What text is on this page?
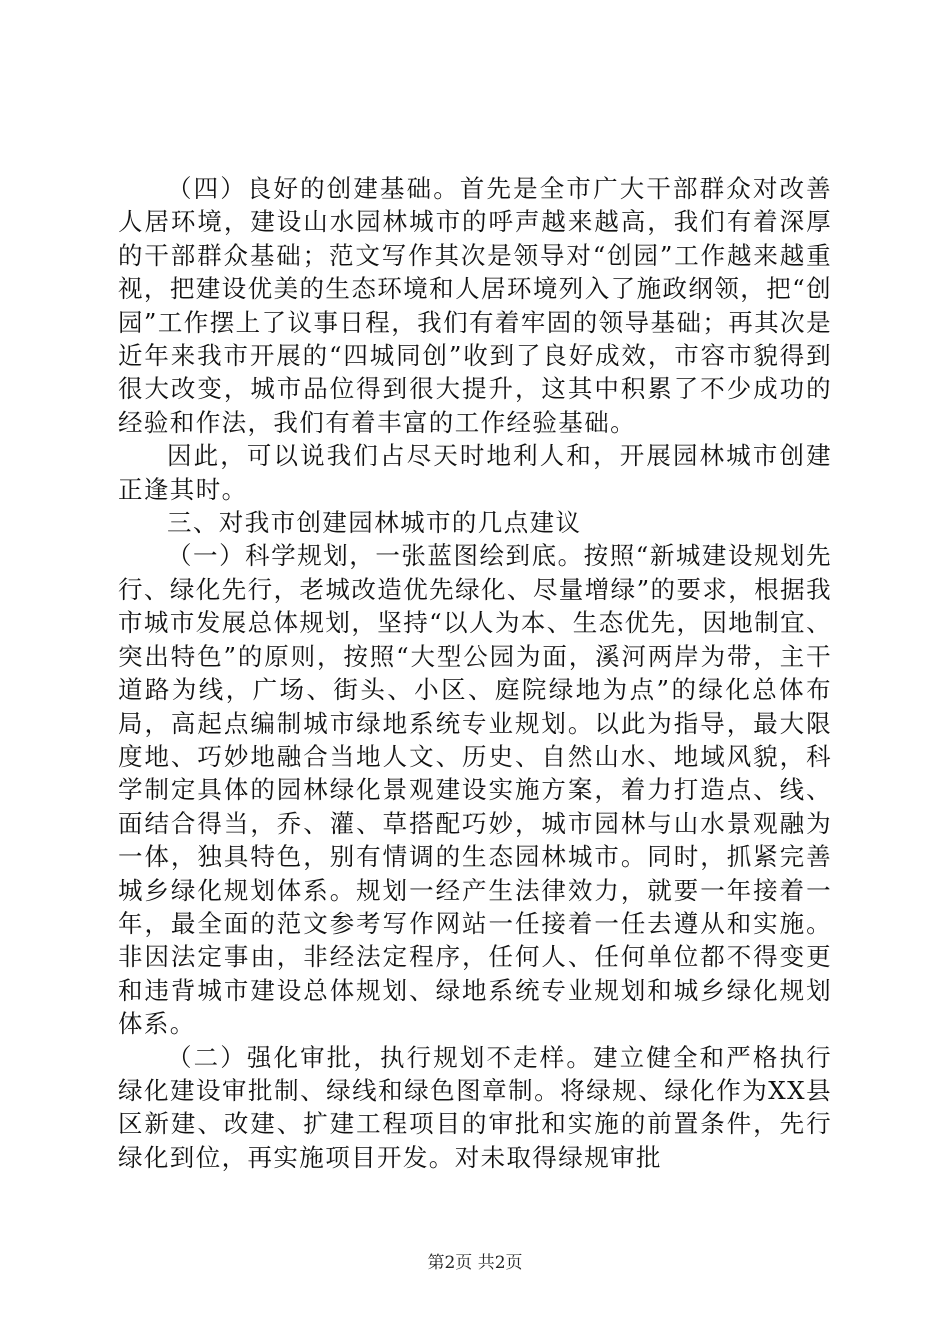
（四）良好的创建基础。首先是全市广大干部群众对改善人居环境，建设山水园林城市的呼声越来越高，我们有着深厚的干部群众基础；范文写作其次是领导对“创园”工作越来越重视，把建设优美的生态环境和人居环境列入了施政纲领，把“创园”工作摆上了议事日程，我们有着牢固的领导基础；再其次是近年来我市开展的“四城同创”收到了良好成效，市容市貌得到很大改变，城市品位得到很大提升，这其中积累了不少成功的经验和作法，我们有着丰富的工作经验基础。

因此，可以说我们占尽天时地利人和，开展园林城市创建正逢其时。

三、对我市创建园林城市的几点建议

（一）科学规划，一张蓝图绘到底。按照“新城建设规划先行、绿化先行，老城改造优先绿化、尽量增绿”的要求，根据我市城市发展总体规划，坚持“以人为本、生态优先，因地制宜、突出特色”的原则，按照“大型公园为面，溪河两岸为带，主干道路为线，广场、街头、小区、庭院绿地为点”的绿化总体布局，高起点编制城市绿地系统专业规划。以此为指导，最大限度地、巧妙地融合当地人文、历史、自然山水、地域风貌，科学制定具体的园林绿化景观建设实施方案，着力打造点、线、面结合得当，乔、灌、草搭配巧妙，城市园林与山水景观融为一体，独具特色，别有情调的生态园林城市。同时，抓紧完善城乡绿化规划体系。规划一经产生法律效力，就要一年接着一年，最全面的范文参考写作网站一任接着一任去遵从和实施。非因法定事由，非经法定程序，任何人、任何单位都不得变更和违背城市建设总体规划、绿地系统专业规划和城乡绿化规划体系。

（二）强化审批，执行规划不走样。建立健全和严格执行绿化建设审批制、绿线和绿色图章制。将绿规、绿化作为XX县区新建、改建、扩建工程项目的审批和实施的前置条件，先行绿化到位，再实施项目开发。对未取得绿规审批

第2页 共2页
